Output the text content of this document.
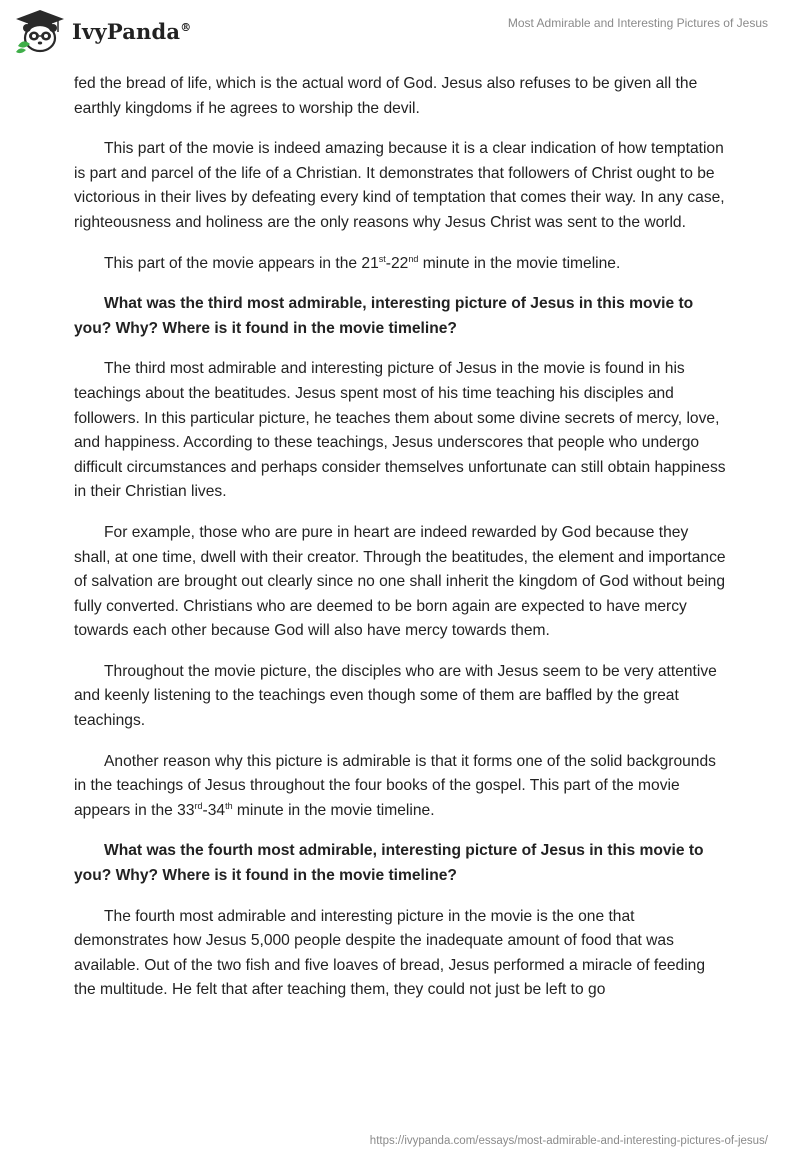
IvyPanda®	Most Admirable and Interesting Pictures of Jesus

fed the bread of life, which is the actual word of God. Jesus also refuses to be given all the earthly kingdoms if he agrees to worship the devil.

This part of the movie is indeed amazing because it is a clear indication of how temptation is part and parcel of the life of a Christian. It demonstrates that followers of Christ ought to be victorious in their lives by defeating every kind of temptation that comes their way. In any case, righteousness and holiness are the only reasons why Jesus Christ was sent to the world.

This part of the movie appears in the 21st-22nd minute in the movie timeline.

What was the third most admirable, interesting picture of Jesus in this movie to you? Why? Where is it found in the movie timeline?

The third most admirable and interesting picture of Jesus in the movie is found in his teachings about the beatitudes. Jesus spent most of his time teaching his disciples and followers. In this particular picture, he teaches them about some divine secrets of mercy, love, and happiness. According to these teachings, Jesus underscores that people who undergo difficult circumstances and perhaps consider themselves unfortunate can still obtain happiness in their Christian lives.

For example, those who are pure in heart are indeed rewarded by God because they shall, at one time, dwell with their creator. Through the beatitudes, the element and importance of salvation are brought out clearly since no one shall inherit the kingdom of God without being fully converted. Christians who are deemed to be born again are expected to have mercy towards each other because God will also have mercy towards them.

Throughout the movie picture, the disciples who are with Jesus seem to be very attentive and keenly listening to the teachings even though some of them are baffled by the great teachings.

Another reason why this picture is admirable is that it forms one of the solid backgrounds in the teachings of Jesus throughout the four books of the gospel. This part of the movie appears in the 33rd-34th minute in the movie timeline.

What was the fourth most admirable, interesting picture of Jesus in this movie to you? Why? Where is it found in the movie timeline?

The fourth most admirable and interesting picture in the movie is the one that demonstrates how Jesus 5,000 people despite the inadequate amount of food that was available. Out of the two fish and five loaves of bread, Jesus performed a miracle of feeding the multitude. He felt that after teaching them, they could not just be left to go

https://ivypanda.com/essays/most-admirable-and-interesting-pictures-of-jesus/
